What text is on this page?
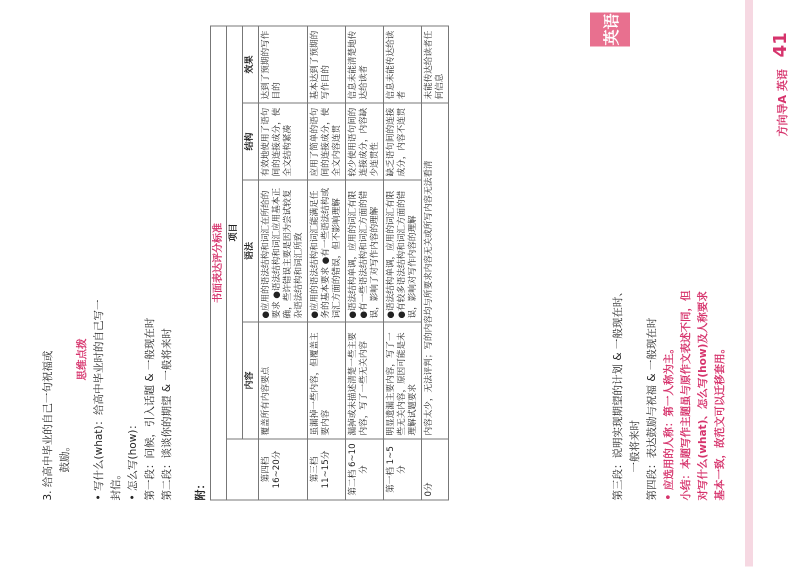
3. 给高中毕业的自己一句祝福或 鼓励。
思维点拨 • 写什么(what)：给高中毕业时的自己写一 封信。 • 怎么写(how)： 第一段：问候，引入话题 & 一般现在时 第二段：谈谈你的期望 & 一般将来时 附：
书面表达评分标准				
	项目			
	内容	语法	结构	效果
第四档 16~20分	覆盖所有内容要点	●应用的语法结构和词汇在所给的要求 ●语法结构和词汇应用基本正确，些许错误主要是因为尝试较复杂语法结构和词汇所致	有效地使用了语句间的连接成分，使全文结构紧凑	达到了预期的写作目的
第三档 11~15分	虽漏掉一些内容，但覆盖主要内容	●应用的语法结构和词汇能满足任务的基本要求 ●有一些语法结构或词汇方面的错误，但不影响理解	应用了简单的语句间的连接成分，使全文内容连贯	基本达到了预期的写作目的
第二档 6~10分	漏掉或未描述清楚一些主要内容，写了一些无关内容	●语法结构单调，应用的词汇有限 ●有一些语法结构和词汇方面的错误，影响了对写作内容的理解	较少使用语句间的连接成分，内容缺少连贯性	信息未能清楚地传达给读者
第一档 1~5分	明显遗漏主要内容，写了一些无关内容，原因可能是未理解试题要求	●语法结构单调，应用的词汇有限 ●有较多语法结构和词汇方面的错误，影响对写作内容的理解	缺乏语句间的连接成分，内容不连贯	信息未能传达给读者
0分	内容太少，无法评判；写的内容均与所要求内容无关或所写内容无法看清			未能传达给读者任何信息
第三段：说明实现期望的计划 & 一般现在时、 一般将来时 第四段：表达鼓励与祝福 & 一般现在时 • 应选用的人称：第一人称为主。 小结：本题写作主题虽与原作文表述不同，但 对写什么(what)、怎么写(how)及人称要求 基本一致，故范文可以迁移套用。
英语
方向导A 英语 41
